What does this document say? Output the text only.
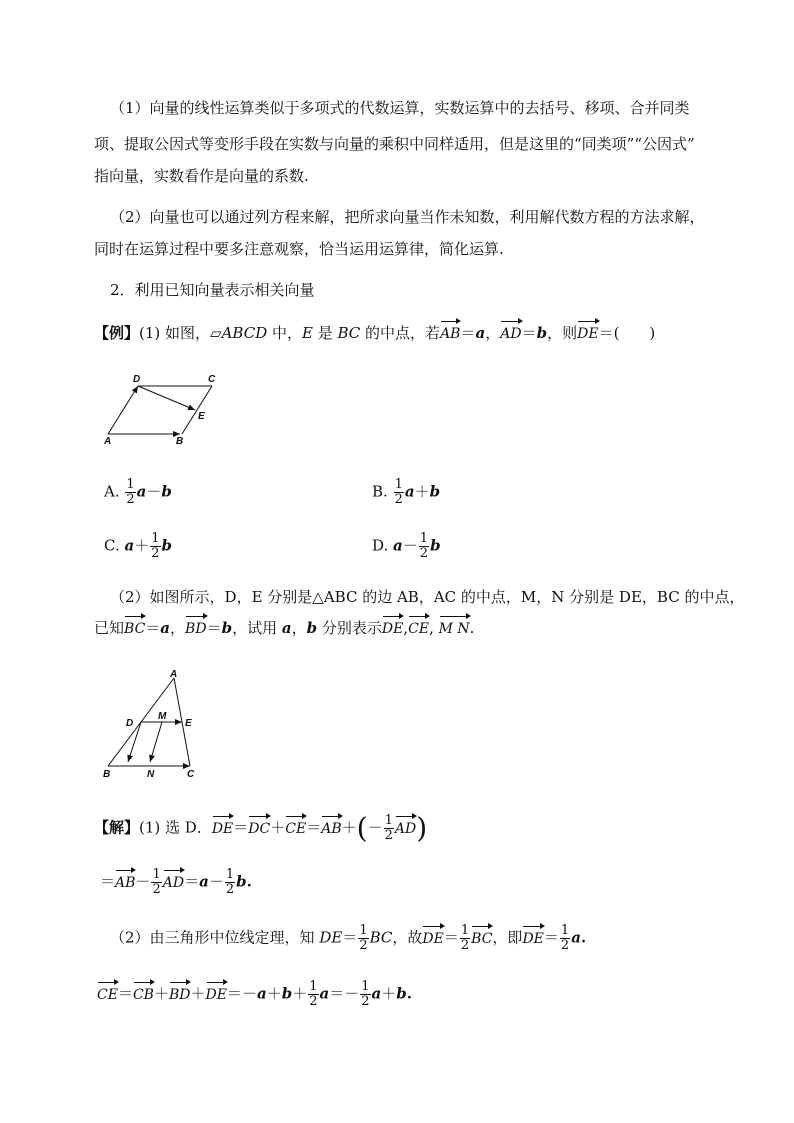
（1）向量的线性运算类似于多项式的代数运算，实数运算中的去括号、移项、合并同类
项、提取公因式等变形手段在实数与向量的乘积中同样适用，但是这里的“同类项”“公因式”
指向量，实数看作是向量的系数.
（2）向量也可以通过列方程来解，把所求向量当作未知数，利用解代数方程的方法求解，
同时在运算过程中要多注意观察，恰当运用运算律，简化运算.
2．利用已知向量表示相关向量
【例】(1) 如图，▱ABCD 中，E 是 BC 的中点，若AB＝a，AD＝b，则DE＝(　　)
D	C
E
A	B
A. $\frac{1}{2} a-b$	B. $\frac{1}{2} a+b$
C. $a+ \frac{1}{2}$ b	D. $a- \frac{1}{2}$ b
（2）如图所示，D，E 分别是△ABC 的边 AB，AC 的中点，M，N 分别是 DE，BC 的中点，
已知BC＝a，BD＝b，试用 a，b 分别表示DE,CE, M N.
A
D
M
E
B	N	C
【解】(1) 选 D．$DE=DC+CE=AB+(- \frac{1}{2} AD)$
$=AB- \frac{1}{2} AD=a- \frac{1}{2} b$.
（2）由三角形中位线定理，知 $DE= \frac{1}{2}$ BC，故$DE= \frac{1}{2}$ BC，即$DE= \frac{1}{2} a$.
$CE=CB+BD+DE=-a+b+ \frac{1}{2} a=- \frac{1}{2} a+b$.
